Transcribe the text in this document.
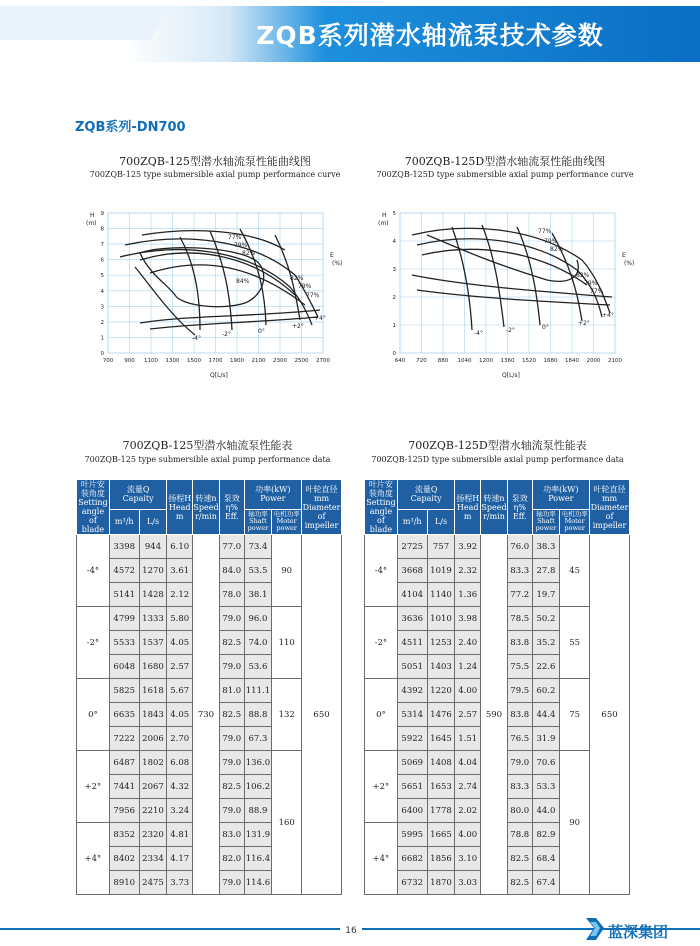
ZQB系列潜水轴流泵技术参数
ZQB系列-DN700
700ZQB-125型潜水轴流泵性能曲线图
700ZQB-125 type submersible axial pump performance curve
700ZQB-125D型潜水轴流泵性能曲线图
700ZQB-125D type submersible axial pump performance curve
700 900 1100 1300 1500 1700 1900 2100 2300 2500 2700
0
1
2
3
4
5
6
7
8
9
H
(m)
E
(%)
Q[L/s]
77%
79%
82%
84%	82%
79%
77%
-4°
-2°	0°
+2°
+4°
640 720 880 1040 1200 1360 1520 1680 1840 2000 2100
0
1
2
3
4
5
H
(m)
E
(%)
Q[L/s]
77%
79%
82%
82%
79%
77%
-4°	-2°	0°
+2°
+4°
700ZQB-125型潜水轴流泵性能表
700ZQB-125 type submersible axial pump performance data
700ZQB-125D型潜水轴流泵性能表
700ZQB-125D type submersible axial pump performance data
叶片安
装角度
Setting angle
of blade	流量Q
Capaity		扬程H
Head
m	转速n
Speed
r/min	泵效
η%
Eff.	功率(kW)
Power		叶轮直径
mm
Diameter
of impeller
	m³/h	L/s				轴功率
Shaft power	电机功率
Moter power	
-4°	3398	944	6.10	730	77.0	73.4	90	650
	4572	1270	3.61		84.0	53.5		
	5141	1428	2.12		78.0	38.1		
-2°	4799	1333	5.80		79.0	96.0	110	
	5533	1537	4.05		82.5	74.0		
	6048	1680	2.57		79.0	53.6		
0°	5825	1618	5.67		81.0	111.1	132	
	6635	1843	4.05		82.5	88.8		
	7222	2006	2.70		79.0	67.3		
+2°	6487	1802	6.08		79.0	136.0	160	
	7441	2067	4.32		82.5	106.2		
	7956	2210	3.24		79.0	88.9		
+4°	8352	2320	4.81		83.0	131.9		
	8402	2334	4.17		82.0	116.4		
	8910	2475	3.73		79.0	114.6		
叶片安
装角度
Setting angle
of blade	流量Q
Capaity		扬程H
Head
m	转速n
Speed
r/min	泵效
η%
Eff.	功率(kW)
Power		叶轮直径
mm
Diameter
of impeller
	m³/h	L/s				轴功率
Shaft power	电机功率
Moter power	
-4°	2725	757	3.92	590	76.0	38.3	45	650
	3668	1019	2.32		83.3	27.8		
	4104	1140	1.36		77.2	19.7		
-2°	3636	1010	3.98		78.5	50.2	55	
	4511	1253	2.40		83.8	35.2		
	5051	1403	1.24		75.5	22.6		
0°	4392	1220	4.00		79.5	60.2	75	
	5314	1476	2.57		83.8	44.4		
	5922	1645	1.51		76.5	31.9		
+2°	5069	1408	4.04		79.0	70.6	90	
	5651	1653	2.74		83.3	53.3		
	6400	1778	2.02		80.0	44.0		
+4°	5995	1665	4.00		78.8	82.9		
	6682	1856	3.10		82.5	68.4		
	6732	1870	3.03		82.5	67.4		
16	蓝深集团
